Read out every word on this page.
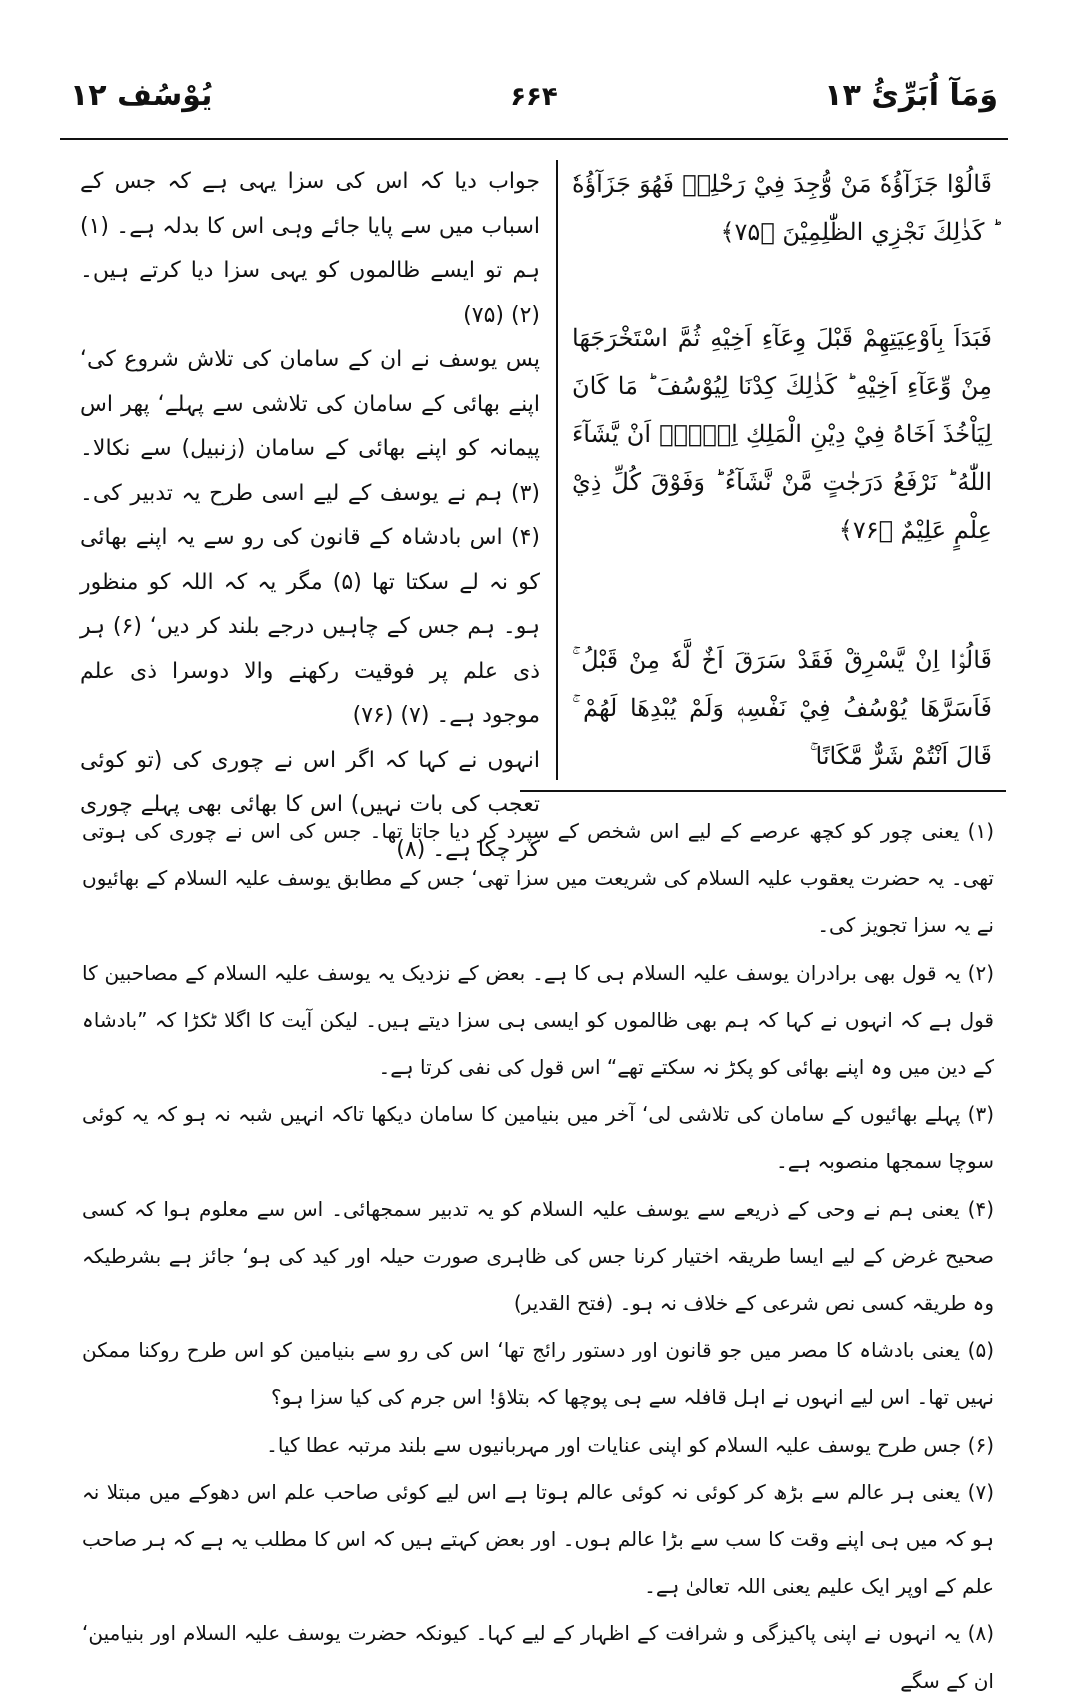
وَمَآ اُبَرِّئُ ۱۳
۶۶۴
یُوْسُف ۱۲
قَالُوْا جَزَآؤُهٗ مَنْ وُّجِدَ فِيْ رَحْلِهٖ فَهُوَ جَزَآؤُهٗ ؕ كَذٰلِكَ نَجْزِي الظّٰلِمِيْنَ ﴿۷۵﴾
فَبَدَاَ بِاَوْعِيَتِهِمْ قَبْلَ وِعَآءِ اَخِيْهِ ثُمَّ اسْتَخْرَجَهَا مِنْ وِّعَآءِ اَخِيْهِ ؕ كَذٰلِكَ كِدْنَا لِيُوْسُفَ ؕ مَا كَانَ لِيَاْخُذَ اَخَاهُ فِيْ دِيْنِ الْمَلِكِ اِلَّاۤ اَنْ يَّشَآءَ اللّٰهُ ؕ نَرْفَعُ دَرَجٰتٍ مَّنْ نَّشَآءُ ؕ وَفَوْقَ كُلِّ ذِيْ عِلْمٍ عَلِيْمٌ ﴿۷۶﴾
قَالُوْۤا اِنْ يَّسْرِقْ فَقَدْ سَرَقَ اَخٌ لَّهٗ مِنْ قَبْلُ ۚ فَاَسَرَّهَا يُوْسُفُ فِيْ نَفْسِهٖ وَلَمْ يُبْدِهَا لَهُمْ ۚ قَالَ اَنْتُمْ شَرٌّ مَّكَانًا ۚ
جواب دیا کہ اس کی سزا یہی ہے کہ جس کے اسباب میں سے پایا جائے وہی اس کا بدلہ ہے۔ (۱) ہم تو ایسے ظالموں کو یہی سزا دیا کرتے ہیں۔ (۲) (۷۵)
پس یوسف نے ان کے سامان کی تلاش شروع کی‘ اپنے بھائی کے سامان کی تلاشی سے پہلے‘ پھر اس پیمانہ کو اپنے بھائی کے سامان (زنبیل) سے نکالا۔ (۳) ہم نے یوسف کے لیے اسی طرح یہ تدبیر کی۔ (۴) اس بادشاہ کے قانون کی رو سے یہ اپنے بھائی کو نہ لے سکتا تھا (۵) مگر یہ کہ اللہ کو منظور ہو۔ ہم جس کے چاہیں درجے بلند کر دیں‘ (۶) ہر ذی علم پر فوقیت رکھنے والا دوسرا ذی علم موجود ہے۔ (۷) (۷۶)
انہوں نے کہا کہ اگر اس نے چوری کی (تو کوئی تعجب کی بات نہیں) اس کا بھائی بھی پہلے چوری کر چکا ہے۔ (۸)
(۱) یعنی چور کو کچھ عرصے کے لیے اس شخص کے سپرد کر دیا جاتا تھا۔ جس کی اس نے چوری کی ہوتی تھی۔ یہ حضرت یعقوب علیہ السلام کی شریعت میں سزا تھی‘ جس کے مطابق یوسف علیہ السلام کے بھائیوں نے یہ سزا تجویز کی۔
(۲) یہ قول بھی برادران یوسف علیہ السلام ہی کا ہے۔ بعض کے نزدیک یہ یوسف علیہ السلام کے مصاحبین کا قول ہے کہ انہوں نے کہا کہ ہم بھی ظالموں کو ایسی ہی سزا دیتے ہیں۔ لیکن آیت کا اگلا ٹکڑا کہ ”بادشاہ کے دین میں وہ اپنے بھائی کو پکڑ نہ سکتے تھے“ اس قول کی نفی کرتا ہے۔
(۳) پہلے بھائیوں کے سامان کی تلاشی لی‘ آخر میں بنیامین کا سامان دیکھا تاکہ انہیں شبہ نہ ہو کہ یہ کوئی سوچا سمجھا منصوبہ ہے۔
(۴) یعنی ہم نے وحی کے ذریعے سے یوسف علیہ السلام کو یہ تدبیر سمجھائی۔ اس سے معلوم ہوا کہ کسی صحیح غرض کے لیے ایسا طریقہ اختیار کرنا جس کی ظاہری صورت حیلہ اور کید کی ہو‘ جائز ہے بشرطیکہ وہ طریقہ کسی نص شرعی کے خلاف نہ ہو۔ (فتح القدیر)
(۵) یعنی بادشاہ کا مصر میں جو قانون اور دستور رائج تھا‘ اس کی رو سے بنیامین کو اس طرح روکنا ممکن نہیں تھا۔ اس لیے انہوں نے اہل قافلہ سے ہی پوچھا کہ بتلاؤ! اس جرم کی کیا سزا ہو؟
(۶) جس طرح یوسف علیہ السلام کو اپنی عنایات اور مہربانیوں سے بلند مرتبہ عطا کیا۔
(۷) یعنی ہر عالم سے بڑھ کر کوئی نہ کوئی عالم ہوتا ہے اس لیے کوئی صاحب علم اس دھوکے میں مبتلا نہ ہو کہ میں ہی اپنے وقت کا سب سے بڑا عالم ہوں۔ اور بعض کہتے ہیں کہ اس کا مطلب یہ ہے کہ ہر صاحب علم کے اوپر ایک علیم یعنی اللہ تعالیٰ ہے۔
(۸) یہ انہوں نے اپنی پاکیزگی و شرافت کے اظہار کے لیے کہا۔ کیونکہ حضرت یوسف علیہ السلام اور بنیامین‘ ان کے سگے
